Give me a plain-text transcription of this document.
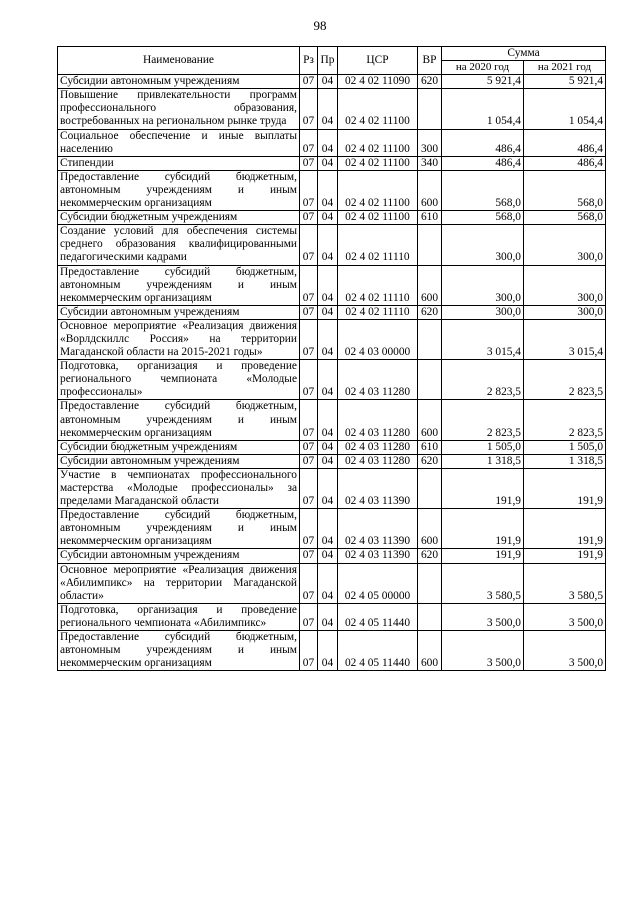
98
Наименование	Рз	Пр	ЦСР	ВР	Сумма	
					на 2020 год	на 2021 год
Субсидии автономным учреждениям	07	04	02 4 02 11090	620	5 921,4	5 921,4
Повышение привлекательности программ профессионального образования, востребованных на региональном рынке труда	07	04	02 4 02 11100		1 054,4	1 054,4
Социальное обеспечение и иные выплаты населению	07	04	02 4 02 11100	300	486,4	486,4
Стипендии	07	04	02 4 02 11100	340	486,4	486,4
Предоставление субсидий бюджетным, автономным учреждениям и иным некоммерческим организациям	07	04	02 4 02 11100	600	568,0	568,0
Субсидии бюджетным учреждениям	07	04	02 4 02 11100	610	568,0	568,0
Создание условий для обеспечения системы среднего образования квалифицированными педагогическими кадрами	07	04	02 4 02 11110		300,0	300,0
Предоставление субсидий бюджетным, автономным учреждениям и иным некоммерческим организациям	07	04	02 4 02 11110	600	300,0	300,0
Субсидии автономным учреждениям	07	04	02 4 02 11110	620	300,0	300,0
Основное мероприятие «Реализация движения «Ворлдскиллс Россия» на территории Магаданской области на 2015-2021 годы»	07	04	02 4 03 00000		3 015,4	3 015,4
Подготовка, организация и проведение регионального чемпионата «Молодые профессионалы»	07	04	02 4 03 11280		2 823,5	2 823,5
Предоставление субсидий бюджетным, автономным учреждениям и иным некоммерческим организациям	07	04	02 4 03 11280	600	2 823,5	2 823,5
Субсидии бюджетным учреждениям	07	04	02 4 03 11280	610	1 505,0	1 505,0
Субсидии автономным учреждениям	07	04	02 4 03 11280	620	1 318,5	1 318,5
Участие в чемпионатах профессионального мастерства «Молодые профессионалы» за пределами Магаданской области	07	04	02 4 03 11390		191,9	191,9
Предоставление субсидий бюджетным, автономным учреждениям и иным некоммерческим организациям	07	04	02 4 03 11390	600	191,9	191,9
Субсидии автономным учреждениям	07	04	02 4 03 11390	620	191,9	191,9
Основное мероприятие «Реализация движения «Абилимпикс» на территории Магаданской области»	07	04	02 4 05 00000		3 580,5	3 580,5
Подготовка, организация и проведение регионального чемпионата «Абилимпикс»	07	04	02 4 05 11440		3 500,0	3 500,0
Предоставление субсидий бюджетным, автономным учреждениям и иным некоммерческим организациям	07	04	02 4 05 11440	600	3 500,0	3 500,0
